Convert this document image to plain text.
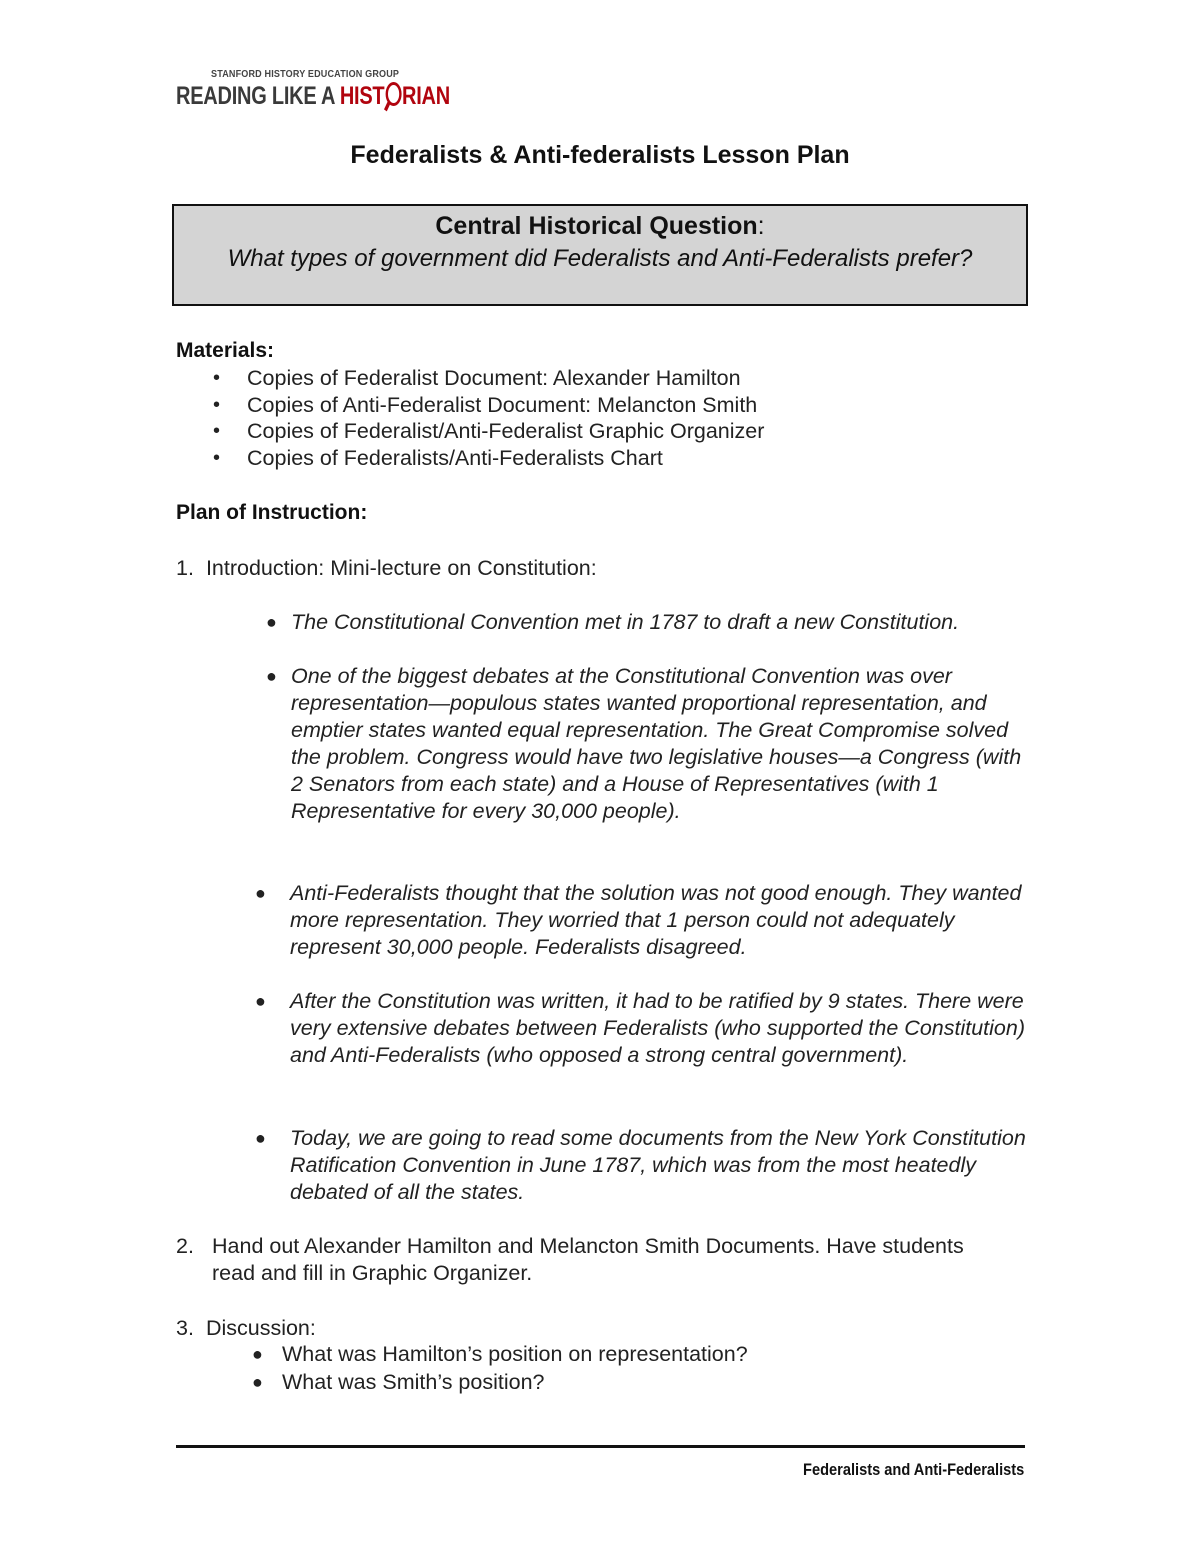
STANFORD HISTORY EDUCATION GROUP
READING LIKE A HIST RIAN
Federalists & Anti-federalists Lesson Plan
Central Historical Question:
What types of government did Federalists and Anti-Federalists prefer?
Materials:
• Copies of Federalist Document: Alexander Hamilton
• Copies of Anti-Federalist Document: Melancton Smith
• Copies of Federalist/Anti-Federalist Graphic Organizer
• Copies of Federalists/Anti-Federalists Chart
Plan of Instruction:
1. Introduction: Mini-lecture on Constitution:
● The Constitutional Convention met in 1787 to draft a new Constitution.
● One of the biggest debates at the Constitutional Convention was over representation—populous states wanted proportional representation, and emptier states wanted equal representation. The Great Compromise solved the problem. Congress would have two legislative houses—a Congress (with 2 Senators from each state) and a House of Representatives (with 1 Representative for every 30,000 people).
● Anti-Federalists thought that the solution was not good enough. They wanted more representation. They worried that 1 person could not adequately represent 30,000 people. Federalists disagreed.
● After the Constitution was written, it had to be ratified by 9 states. There were very extensive debates between Federalists (who supported the Constitution) and Anti-Federalists (who opposed a strong central government).
● Today, we are going to read some documents from the New York Constitution Ratification Convention in June 1787, which was from the most heatedly debated of all the states.
2. Hand out Alexander Hamilton and Melancton Smith Documents. Have students read and fill in Graphic Organizer.
3. Discussion:
● What was Hamilton’s position on representation?
● What was Smith’s position?
Federalists and Anti-Federalists
